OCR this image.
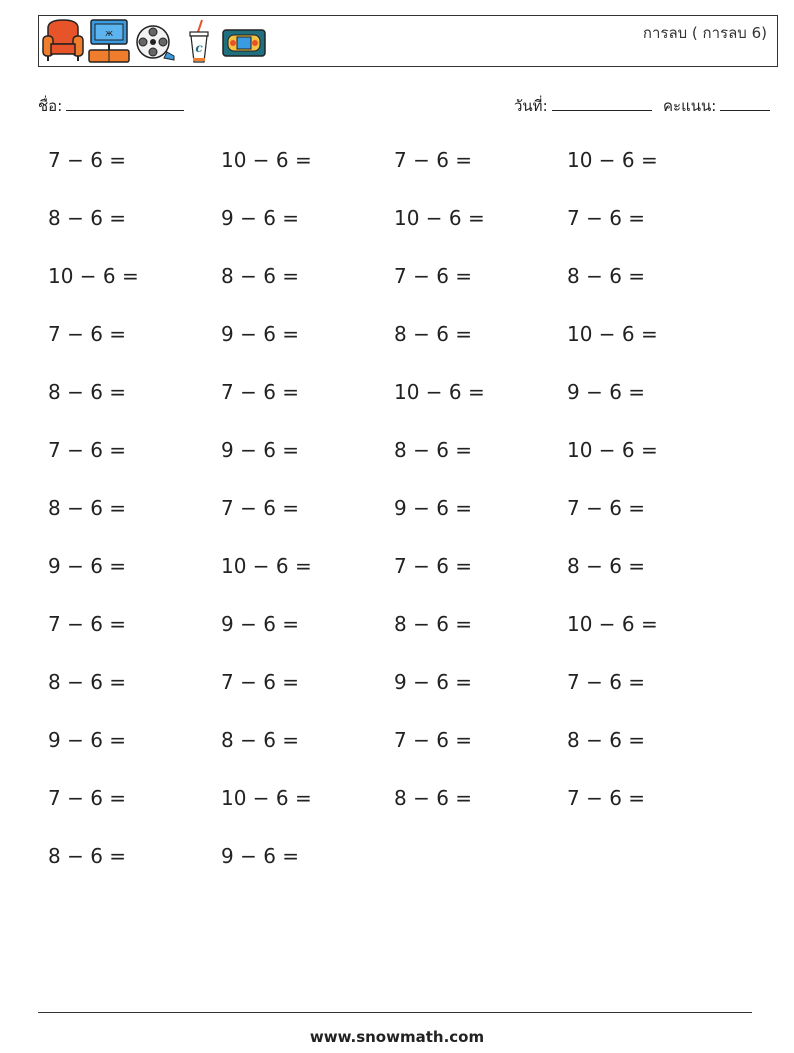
ж
c
การลบ ( การลบ 6)
ชื่อ:	วันที่:	คะแนน:
7 − 6 =	10 − 6 =	7 − 6 =	10 − 6 =
8 − 6 =	9 − 6 =	10 − 6 =	7 − 6 =
10 − 6 =	8 − 6 =	7 − 6 =	8 − 6 =
7 − 6 =	9 − 6 =	8 − 6 =	10 − 6 =
8 − 6 =	7 − 6 =	10 − 6 =	9 − 6 =
7 − 6 =	9 − 6 =	8 − 6 =	10 − 6 =
8 − 6 =	7 − 6 =	9 − 6 =	7 − 6 =
9 − 6 =	10 − 6 =	7 − 6 =	8 − 6 =
7 − 6 =	9 − 6 =	8 − 6 =	10 − 6 =
8 − 6 =	7 − 6 =	9 − 6 =	7 − 6 =
9 − 6 =	8 − 6 =	7 − 6 =	8 − 6 =
7 − 6 =	10 − 6 =	8 − 6 =	7 − 6 =
8 − 6 =	9 − 6 =
www.snowmath.com
